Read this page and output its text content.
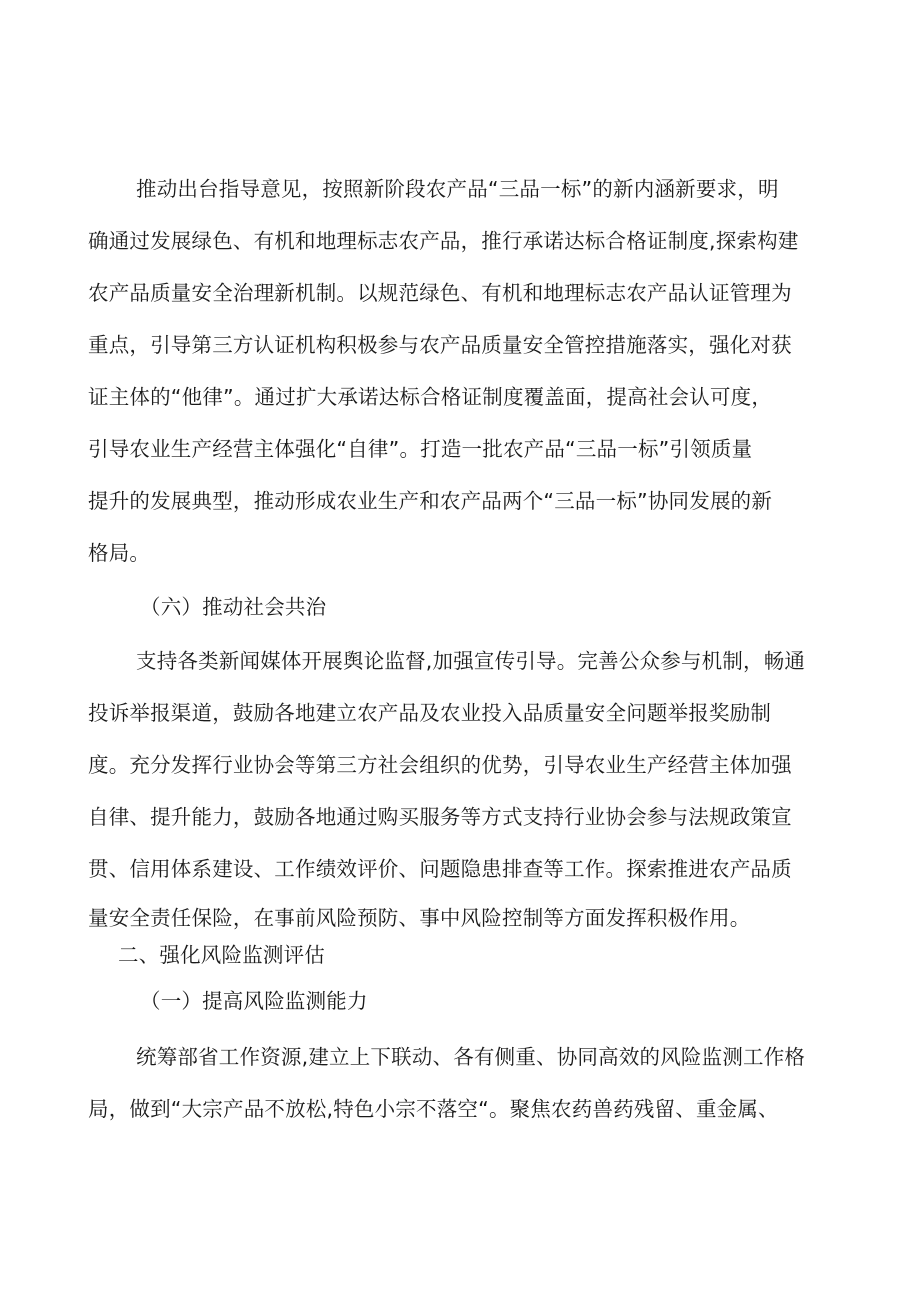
推动出台指导意见，按照新阶段农产品“三品一标”的新内涵新要求，明
确通过发展绿色、有机和地理标志农产品，推行承诺达标合格证制度,探索构建
农产品质量安全治理新机制。以规范绿色、有机和地理标志农产品认证管理为
重点，引导第三方认证机构积极参与农产品质量安全管控措施落实，强化对获
证主体的“他律”。通过扩大承诺达标合格证制度覆盖面，提高社会认可度，
引导农业生产经营主体强化“自律”。打造一批农产品“三品一标”引领质量
提升的发展典型，推动形成农业生产和农产品两个“三品一标”协同发展的新
格局。
（六）推动社会共治
支持各类新闻媒体开展舆论监督,加强宣传引导。完善公众参与机制，畅通
投诉举报渠道，鼓励各地建立农产品及农业投入品质量安全问题举报奖励制
度。充分发挥行业协会等第三方社会组织的优势，引导农业生产经营主体加强
自律、提升能力，鼓励各地通过购买服务等方式支持行业协会参与法规政策宣
贯、信用体系建设、工作绩效评价、问题隐患排查等工作。探索推进农产品质
量安全责任保险，在事前风险预防、事中风险控制等方面发挥积极作用。
二、强化风险监测评估
（一）提高风险监测能力
统筹部省工作资源,建立上下联动、各有侧重、协同高效的风险监测工作格
局，做到“大宗产品不放松,特色小宗不落空“。聚焦农药兽药残留、重金属、
